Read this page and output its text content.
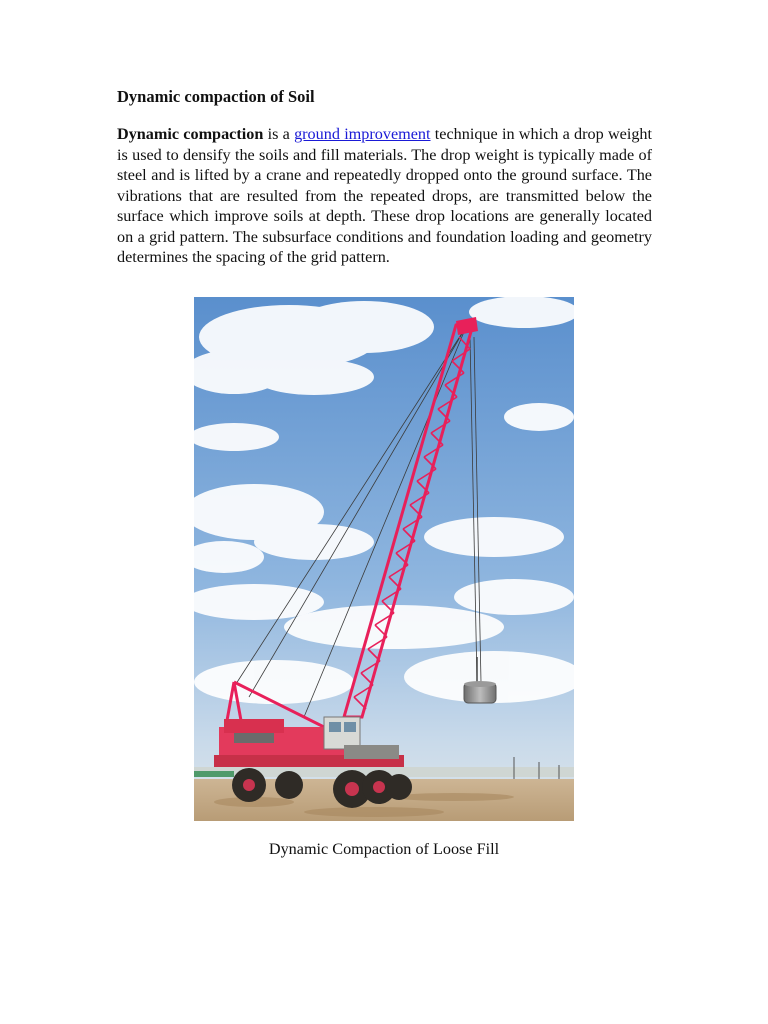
Dynamic compaction of Soil

Dynamic compaction is a ground improvement technique in which a drop weight is used to densify the soils and fill materials. The drop weight is typically made of steel and is lifted by a crane and repeatedly dropped onto the ground surface. The vibrations that are resulted from the repeated drops, are transmitted below the surface which improve soils at depth. These drop locations are generally located on a grid pattern. The subsurface conditions and foundation loading and geometry determines the spacing of the grid pattern.

Dynamic Compaction of Loose Fill
